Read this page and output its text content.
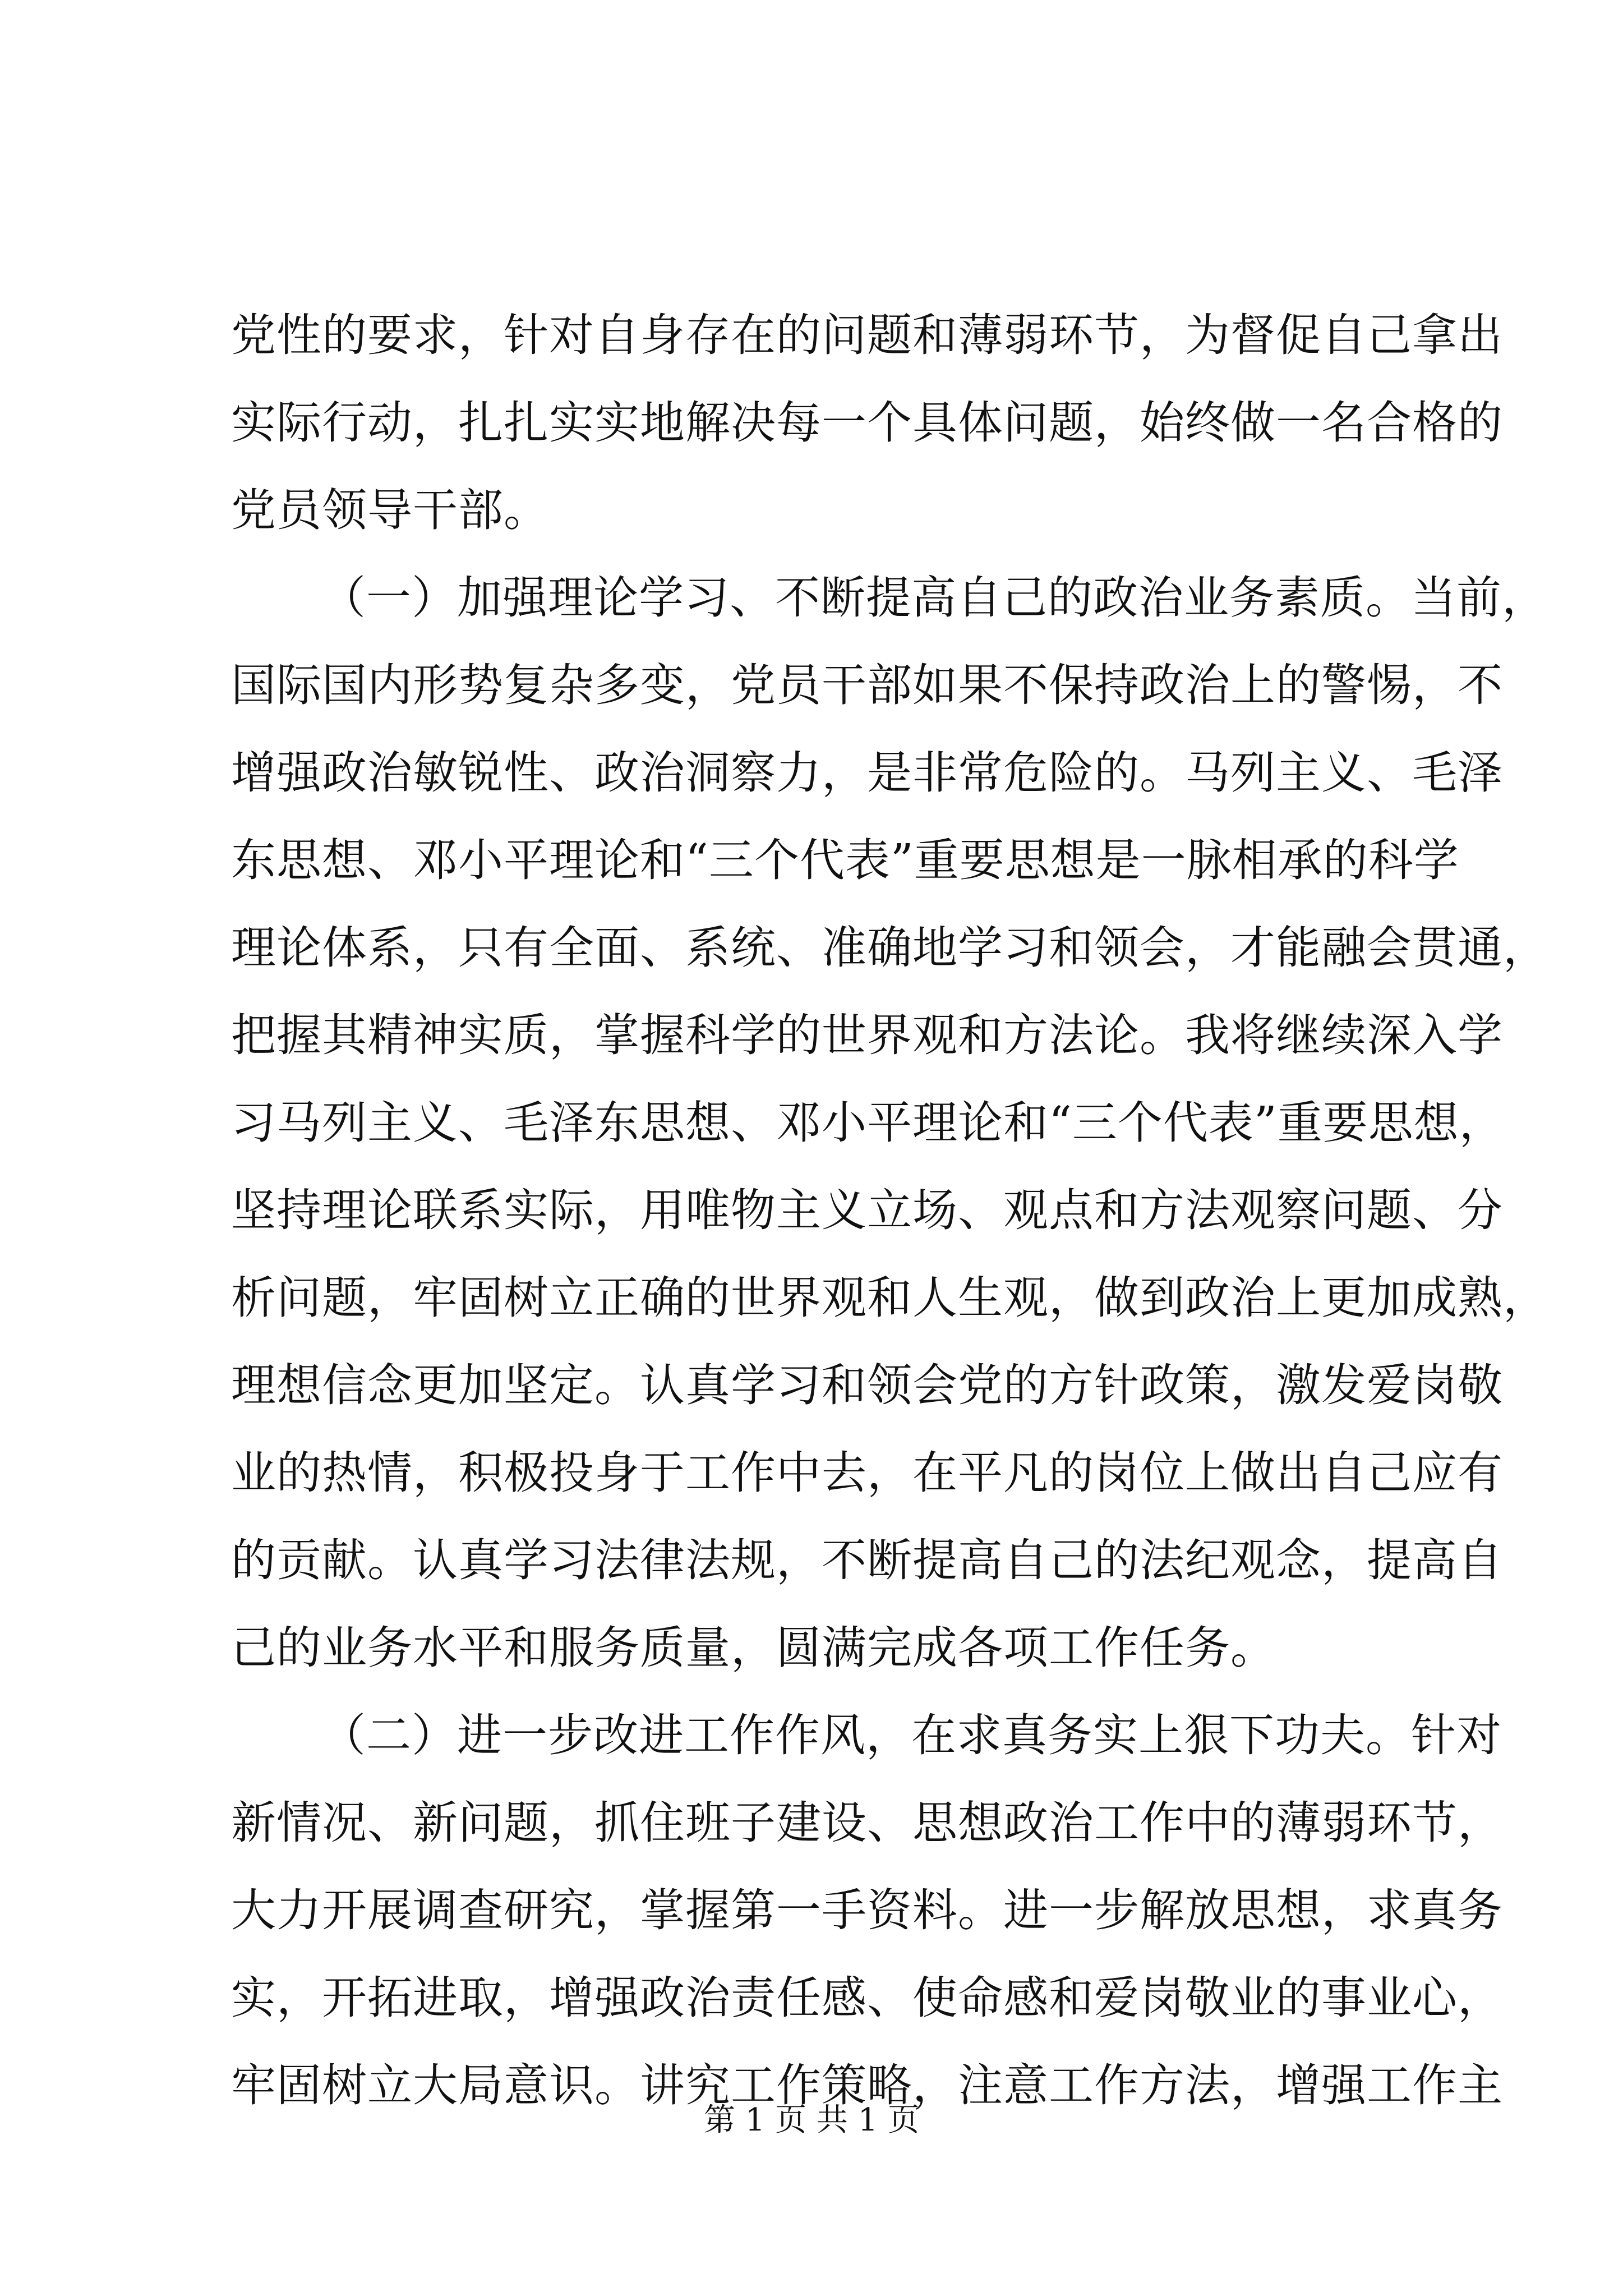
党性的要求，针对自身存在的问题和薄弱环节，为督促自己拿出
实际行动，扎扎实实地解决每一个具体问题，始终做一名合格的
党员领导干部。
（一）加强理论学习、不断提高自己的政治业务素质。当前，
国际国内形势复杂多变，党员干部如果不保持政治上的警惕，不
增强政治敏锐性、政治洞察力，是非常危险的。马列主义、毛泽
东思想、邓小平理论和“三个代表”重要思想是一脉相承的科学
理论体系，只有全面、系统、准确地学习和领会，才能融会贯通，
把握其精神实质，掌握科学的世界观和方法论。我将继续深入学
习马列主义、毛泽东思想、邓小平理论和“三个代表”重要思想，
坚持理论联系实际，用唯物主义立场、观点和方法观察问题、分
析问题，牢固树立正确的世界观和人生观，做到政治上更加成熟，
理想信念更加坚定。认真学习和领会党的方针政策，激发爱岗敬
业的热情，积极投身于工作中去，在平凡的岗位上做出自己应有
的贡献。认真学习法律法规，不断提高自己的法纪观念，提高自
己的业务水平和服务质量，圆满完成各项工作任务。
（二）进一步改进工作作风，在求真务实上狠下功夫。针对
新情况、新问题，抓住班子建设、思想政治工作中的薄弱环节，
大力开展调查研究，掌握第一手资料。进一步解放思想，求真务
实，开拓进取，增强政治责任感、使命感和爱岗敬业的事业心，
牢固树立大局意识。讲究工作策略，注意工作方法，增强工作主
第 1 页 共 1 页
